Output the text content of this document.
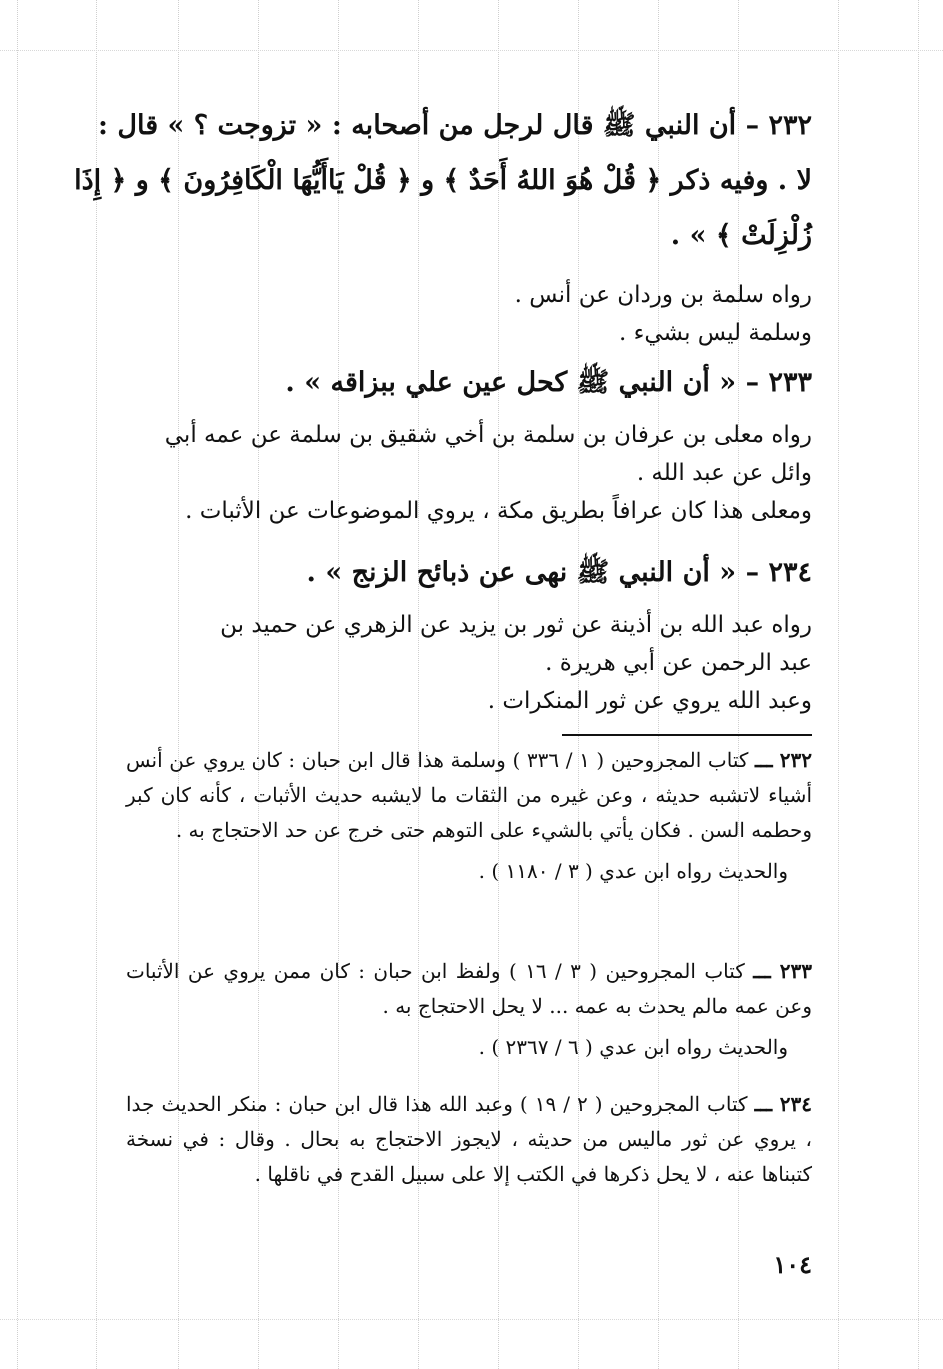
٢٣٢ – أن النبي ﷺ قال لرجل من أصحابه : « تزوجت ؟ » قال :
لا . وفيه ذكر ﴿ قُلْ هُوَ اللهُ أَحَدٌ ﴾ و ﴿ قُلْ يَاأَيُّهَا الْكَافِرُونَ ﴾ و ﴿ إِذَا
زُلْزِلَتْ ﴾ » .
رواه سلمة بن وردان عن أنس .
وسلمة ليس بشيء .
٢٣٣ – « أن النبي ﷺ كحل عين علي ببزاقه » .
رواه معلى بن عرفان بن سلمة بن أخي شقيق بن سلمة عن عمه أبي
وائل عن عبد الله .
ومعلى هذا كان عرافاً بطريق مكة ، يروي الموضوعات عن الأثبات .
٢٣٤ – « أن النبي ﷺ نهى عن ذبائح الزنج » .
رواه عبد الله بن أذينة عن ثور بن يزيد عن الزهري عن حميد بن
عبد الرحمن عن أبي هريرة .
وعبد الله يروي عن ثور المنكرات .

٢٣٢ ـــ كتاب المجروحين ( ١ / ٣٣٦ ) وسلمة هذا قال ابن حبان : كان يروي عن أنس أشياء لاتشبه حديثه ، وعن غيره من الثقات ما لايشبه حديث الأثبات ، كأنه كان كبر وحطمه السن . فكان يأتي بالشيء على التوهم حتى خرج عن حد الاحتجاج به .

والحديث رواه ابن عدي ( ٣ / ١١٨٠ ) .

٢٣٣ ـــ كتاب المجروحين ( ٣ / ١٦ ) ولفظ ابن حبان : كان ممن يروي عن الأثبات وعن عمه مالم يحدث به عمه ... لا يحل الاحتجاج به .

والحديث رواه ابن عدي ( ٦ / ٢٣٦٧ ) .

٢٣٤ ـــ كتاب المجروحين ( ٢ / ١٩ ) وعبد الله هذا قال ابن حبان : منكر الحديث جدا ، يروي عن ثور ماليس من حديثه ، لايجوز الاحتجاج به بحال . وقال : في نسخة كتبناها عنه ، لا يحل ذكرها في الكتب إلا على سبيل القدح في ناقلها .

١٠٤
